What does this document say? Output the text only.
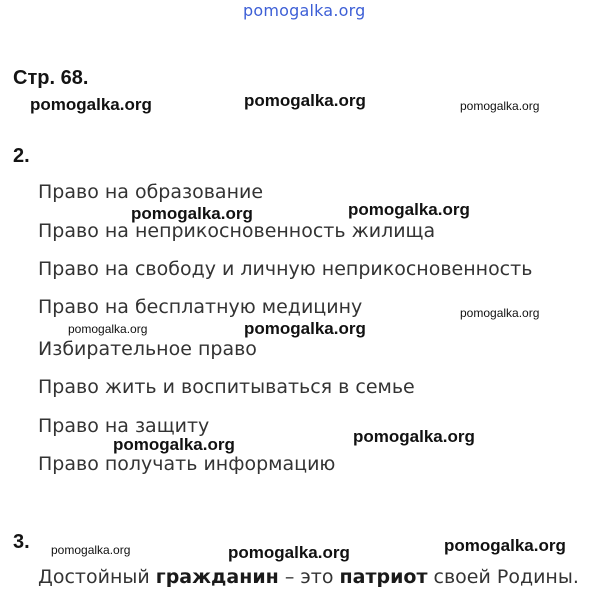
pomogalka.org
Стр. 68.
2.
Право на образование
Право на неприкосновенность жилища
Право на свободу и личную неприкосновенность
Право на бесплатную медицину
Избирательное право
Право жить и воспитываться в семье
Право на защиту
Право получать информацию
3.
Достойный гражданин – это патриот своей Родины.
pomogalka.org	pomogalka.org	pomogalka.org
pomogalka.org	pomogalka.org
pomogalka.org
pomogalka.org	pomogalka.org
pomogalka.org	pomogalka.org
pomogalka.org	pomogalka.org	pomogalka.org
